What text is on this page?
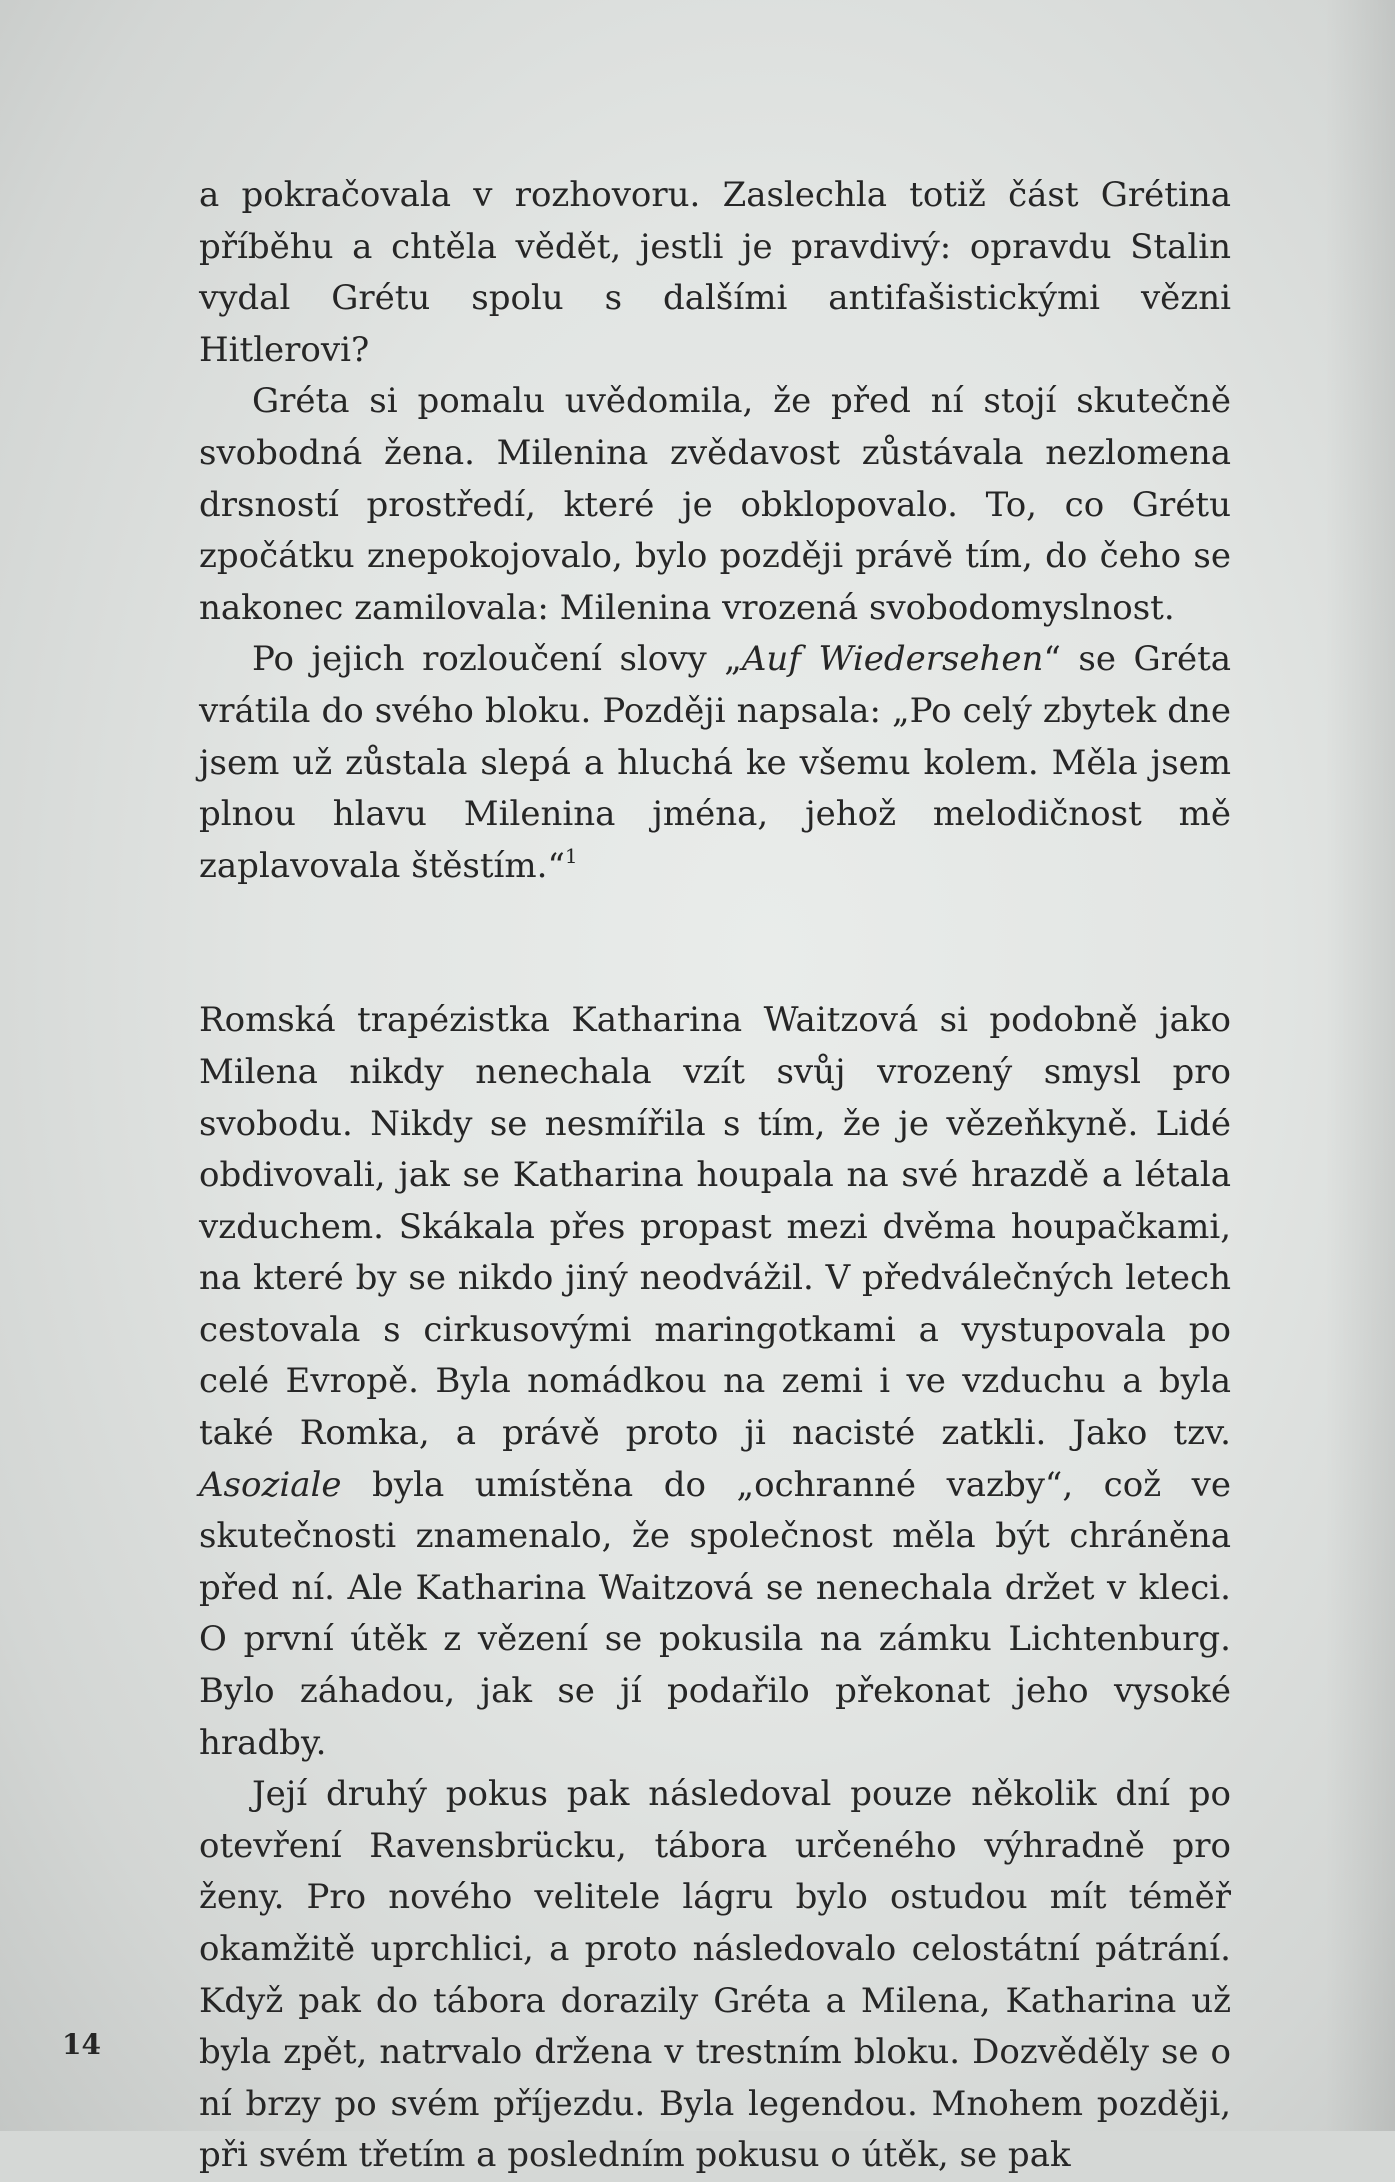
a pokračovala v rozhovoru. Zaslechla totiž část Grétina příběhu a chtěla vědět, jestli je pravdivý: opravdu Stalin vydal Grétu spolu s dalšími antifašistickými vězni Hitlerovi?

Gréta si pomalu uvědomila, že před ní stojí skutečně svobodná žena. Milenina zvědavost zůstávala nezlomena drsností prostředí, které je obklopovalo. To, co Grétu zpočátku znepokojovalo, bylo později právě tím, do čeho se nakonec zamilovala: Milenina vrozená svobodomyslnost.

Po jejich rozloučení slovy „Auf Wiedersehen“ se Gréta vrátila do svého bloku. Později napsala: „Po celý zbytek dne jsem už zůstala slepá a hluchá ke všemu kolem. Měla jsem plnou hlavu Milenina jména, jehož melodičnost mě zaplavovala štěstím.“$^1$

Romská trapézistka Katharina Waitzová si podobně jako Milena nikdy nenechala vzít svůj vrozený smysl pro svobodu. Nikdy se nesmířila s tím, že je vězeňkyně. Lidé obdivovali, jak se Katharina houpala na své hrazdě a létala vzduchem. Skákala přes propast mezi dvěma houpačkami, na které by se nikdo jiný neodvážil. V předválečných letech cestovala s cirkusovými maringotkami a vystupovala po celé Evropě. Byla nomádkou na zemi i ve vzduchu a byla také Romka, a právě proto ji nacisté zatkli. Jako tzv. Asoziale byla umístěna do „ochranné vazby“, což ve skutečnosti znamenalo, že společnost měla být chráněna před ní. Ale Katharina Waitzová se nenechala držet v kleci. O první útěk z vězení se pokusila na zámku Lichtenburg. Bylo záhadou, jak se jí podařilo překonat jeho vysoké hradby.

Její druhý pokus pak následoval pouze několik dní po otevření Ravensbrücku, tábora určeného výhradně pro ženy. Pro nového velitele lágru bylo ostudou mít téměř okamžitě uprchlici, a proto následovalo celostátní pátrání. Když pak do tábora dorazily Gréta a Milena, Katharina už byla zpět, natrvalo držena v trestním bloku. Dozvěděly se o ní brzy po svém příjezdu. Byla legendou. Mnohem později, při svém třetím a posledním pokusu o útěk, se pak

14
